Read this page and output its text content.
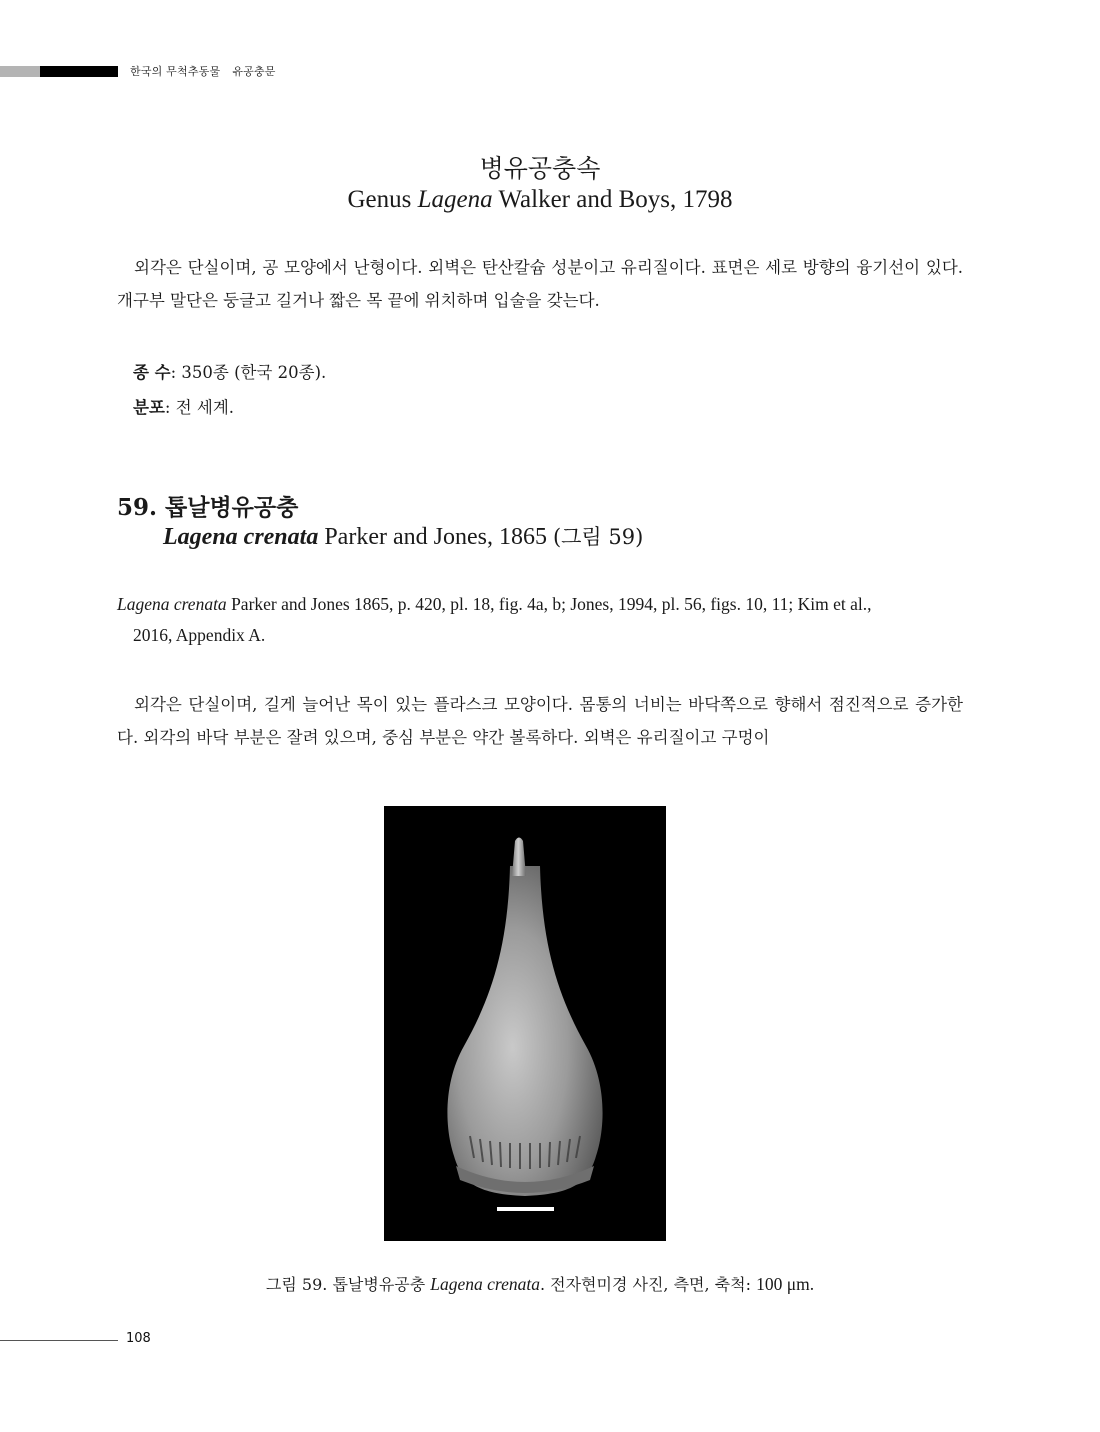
한국의 무척추동물 유공충문
병유공충속
Genus Lagena Walker and Boys, 1798

외각은 단실이며, 공 모양에서 난형이다. 외벽은 탄산칼슘 성분이고 유리질이다. 표면은 세로 방향의 융기선이 있다. 개구부 말단은 둥글고 길거나 짧은 목 끝에 위치하며 입술을 갖는다.

종 수: 350종 (한국 20종).
분포: 전 세계.
59. 톱날병유공충
Lagena crenata Parker and Jones, 1865 (그림 59)
Lagena crenata Parker and Jones 1865, p. 420, pl. 18, fig. 4a, b; Jones, 1994, pl. 56, figs. 10, 11; Kim et al.,
2016, Appendix A.

외각은 단실이며, 길게 늘어난 목이 있는 플라스크 모양이다. 몸통의 너비는 바닥쪽으로 향해서 점진적으로 증가한다. 외각의 바닥 부분은 잘려 있으며, 중심 부분은 약간 볼록하다. 외벽은 유리질이고 구멍이

그림 59. 톱날병유공충 Lagena crenata. 전자현미경 사진, 측면, 축척: 100 μm.
108
